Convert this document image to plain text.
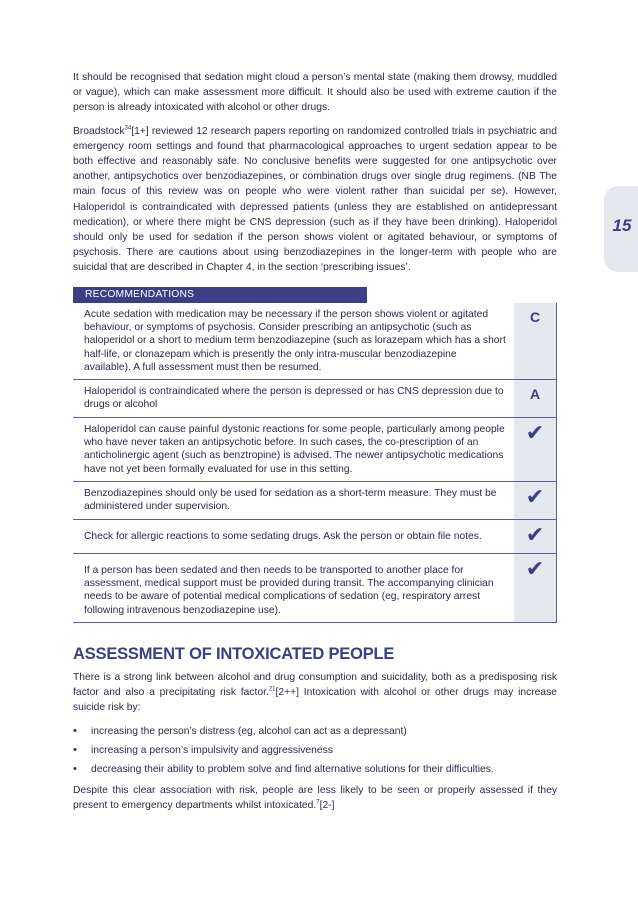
15

It should be recognised that sedation might cloud a person’s mental state (making them drowsy, muddled or vague), which can make assessment more difficult. It should also be used with extreme caution if the person is already intoxicated with alcohol or other drugs.

Broadstock$^{34}$[1+] reviewed 12 research papers reporting on randomized controlled trials in psychiatric and emergency room settings and found that pharmacological approaches to urgent sedation appear to be both effective and reasonably safe. No conclusive benefits were suggested for one antipsychotic over another, antipsychotics over benzodiazepines, or combination drugs over single drug regimens. (NB The main focus of this review was on people who were violent rather than suicidal per se). However, Haloperidol is contraindicated with depressed patients (unless they are established on antidepressant medication), or where there might be CNS depression (such as if they have been drinking). Haloperidol should only be used for sedation if the person shows violent or agitated behaviour, or symptoms of psychosis. There are cautions about using benzodiazepines in the longer-term with people who are suicidal that are described in Chapter 4, in the section ‘prescribing issues’.

RECOMMENDATIONS
Acute sedation with medication may be necessary if the person shows violent or agitated behaviour, or symptoms of psychosis. Consider prescribing an antipsychotic (such as haloperidol or a short to medium term benzodiazepine (such as lorazepam which has a short half-life, or clonazepam which is presently the only intra-muscular benzodiazepine available). A full assessment must then be resumed.
C
Haloperidol is contraindicated where the person is depressed or has CNS depression due to drugs or alcohol
A
Haloperidol can cause painful dystonic reactions for some people, particularly among people who have never taken an antipsychotic before. In such cases, the co-prescription of an anticholinergic agent (such as benztropine) is advised. The newer antipsychotic medications have not yet been formally evaluated for use in this setting.
✔
Benzodiazepines should only be used for sedation as a short-term measure. They must be administered under supervision.	✔
Check for allergic reactions to some sedating drugs. Ask the person or obtain file notes.	✔
If a person has been sedated and then needs to be transported to another place for assessment, medical support must be provided during transit. The accompanying clinician needs to be aware of potential medical complications of sedation (eg, respiratory arrest following intravenous benzodiazepine use).
✔
ASSESSMENT OF INTOXICATED PEOPLE

There is a strong link between alcohol and drug consumption and suicidality, both as a predisposing risk factor and also a precipitating risk factor.$^{21}$[2++] Intoxication with alcohol or other drugs may increase suicide risk by:

• increasing the person’s distress (eg, alcohol can act as a depressant)
• increasing a person’s impulsivity and aggressiveness
• decreasing their ability to problem solve and find alternative solutions for their difficulties.

Despite this clear association with risk, people are less likely to be seen or properly assessed if they present to emergency departments whilst intoxicated.$^7$[2-]
